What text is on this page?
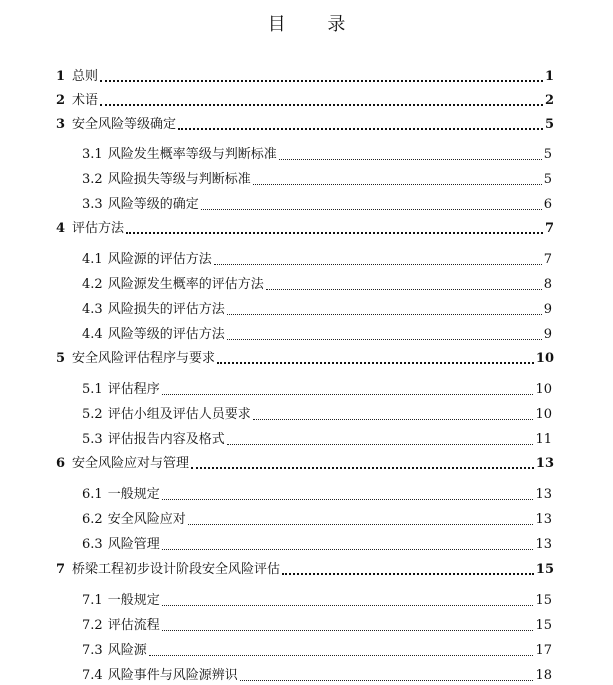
目 录
1 总则	1
2 术语	2
3 安全风险等级确定	5
3.1 风险发生概率等级与判断标准	5
3.2 风险损失等级与判断标准	5
3.3 风险等级的确定	6
4 评估方法	7
4.1 风险源的评估方法	7
4.2 风险源发生概率的评估方法	8
4.3 风险损失的评估方法	9
4.4 风险等级的评估方法	9
5 安全风险评估程序与要求	10
5.1 评估程序	10
5.2 评估小组及评估人员要求	10
5.3 评估报告内容及格式	11
6 安全风险应对与管理	13
6.1 一般规定	13
6.2 安全风险应对	13
6.3 风险管理	13
7 桥梁工程初步设计阶段安全风险评估	15
7.1 一般规定	15
7.2 评估流程	15
7.3 风险源	17
7.4 风险事件与风险源辨识	18
